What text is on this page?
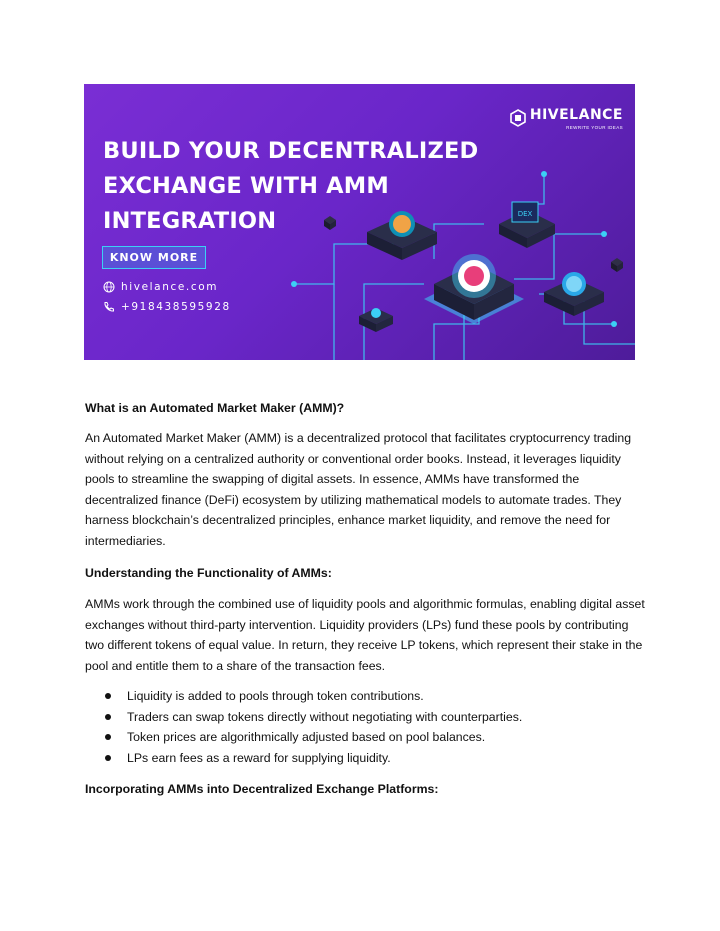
DEX
BUILD YOUR DECENTRALIZED
EXCHANGE WITH AMM
INTEGRATION
KNOW MORE
hivelance.com
+918438595928
HIVELANCE
REWRITE YOUR IDEAS

What is an Automated Market Maker (AMM)?

An Automated Market Maker (AMM) is a decentralized protocol that facilitates cryptocurrency trading without relying on a centralized authority or conventional order books. Instead, it leverages liquidity pools to streamline the swapping of digital assets. In essence, AMMs have transformed the decentralized finance (DeFi) ecosystem by utilizing mathematical models to automate trades. They harness blockchain’s decentralized principles, enhance market liquidity, and remove the need for intermediaries.

Understanding the Functionality of AMMs:

AMMs work through the combined use of liquidity pools and algorithmic formulas, enabling digital asset exchanges without third-party intervention. Liquidity providers (LPs) fund these pools by contributing two different tokens of equal value. In return, they receive LP tokens, which represent their stake in the pool and entitle them to a share of the transaction fees.

Liquidity is added to pools through token contributions.
Traders can swap tokens directly without negotiating with counterparties.
Token prices are algorithmically adjusted based on pool balances.
LPs earn fees as a reward for supplying liquidity.

Incorporating AMMs into Decentralized Exchange Platforms:
